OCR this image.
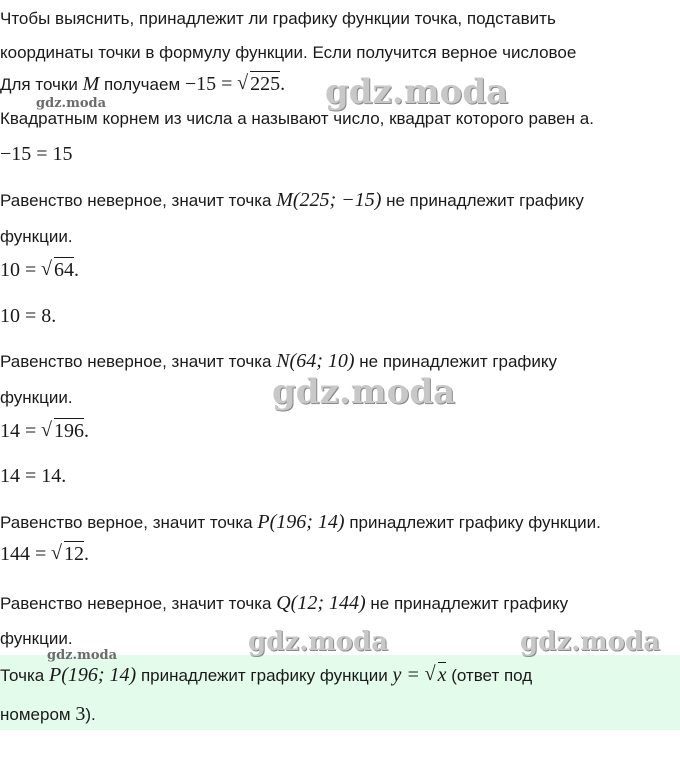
Чтобы выяснить, принадлежит ли графику функции точка, подставить
координаты точки в формулу функции. Если получится верное числовое
Для точки M получаем −15 = √ 225.
Квадратным корнем из числа a называют число, квадрат которого равен a.
−15 = 15
Равенство неверное, значит точка M(225; −15) не принадлежит графику
функции.
10 = √ 64.
10 = 8.
Равенство неверное, значит точка N(64; 10) не принадлежит графику
функции.
14 = √ 196.
14 = 14.
Равенство верное, значит точка P(196; 14) принадлежит графику функции.
144 = √ 12.
Равенство неверное, значит точка Q(12; 144) не принадлежит графику
функции.
Точка P(196; 14) принадлежит графику функции y = √ x (ответ под
номером 3).
gdz.moda
gdz.moda
gdz.moda
gdz.moda	gdz.moda
gdz.moda
